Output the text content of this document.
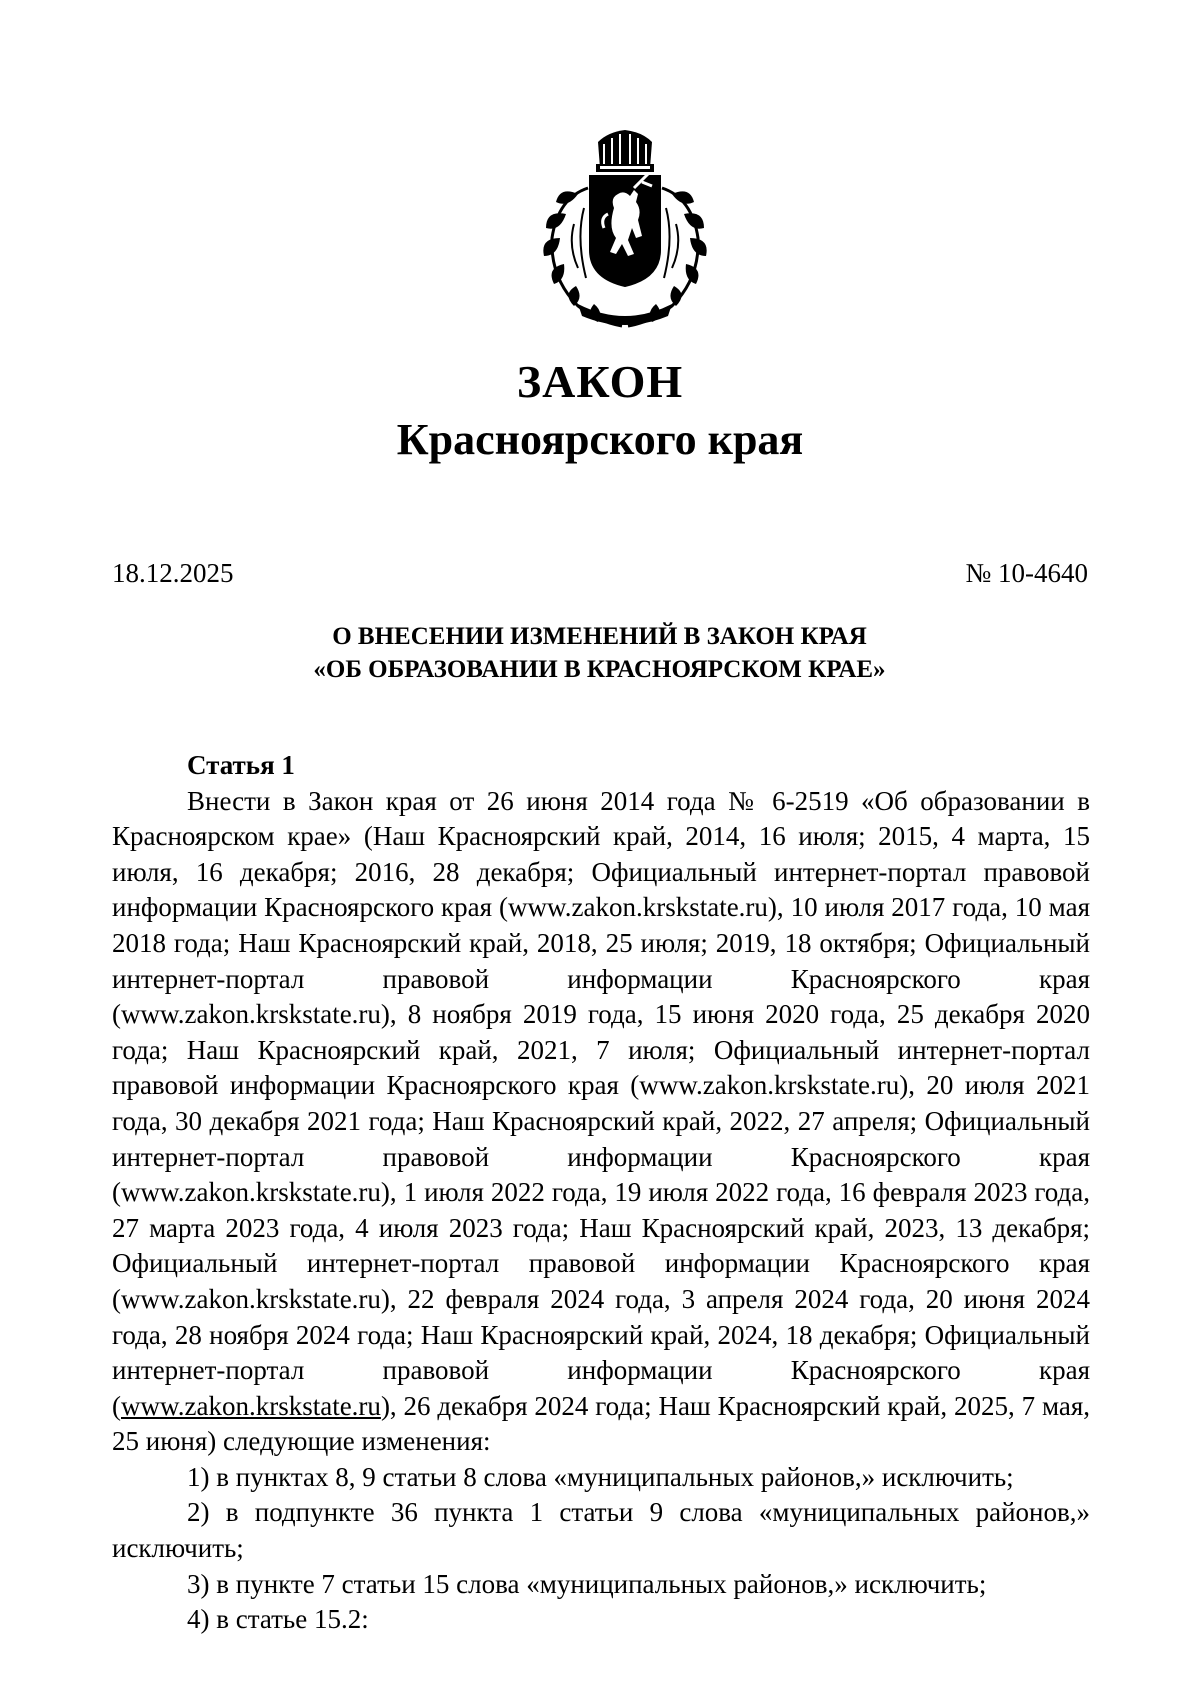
ЗАКОН
Красноярского края
18.12.2025	№ 10-4640
О ВНЕСЕНИИ ИЗМЕНЕНИЙ В ЗАКОН КРАЯ
«ОБ ОБРАЗОВАНИИ В КРАСНОЯРСКОМ КРАЕ»

Статья 1

Внести в Закон края от 26 июня 2014 года № 6-2519 «Об образовании в Красноярском крае» (Наш Красноярский край, 2014, 16 июля; 2015, 4 марта, 15 июля, 16 декабря; 2016, 28 декабря; Официальный интернет-портал правовой информации Красноярского края (www.zakon.krskstate.ru), 10 июля 2017 года, 10 мая 2018 года; Наш Красноярский край, 2018, 25 июля; 2019, 18 октября; Официальный интернет-портал правовой информации Красноярского края (www.zakon.krskstate.ru), 8 ноября 2019 года, 15 июня 2020 года, 25 декабря 2020 года; Наш Красноярский край, 2021, 7 июля; Официальный интернет-портал правовой информации Красноярского края (www.zakon.krskstate.ru), 20 июля 2021 года, 30 декабря 2021 года; Наш Красноярский край, 2022, 27 апреля; Официальный интернет-портал правовой информации Красноярского края (www.zakon.krskstate.ru), 1 июля 2022 года, 19 июля 2022 года, 16 февраля 2023 года, 27 марта 2023 года, 4 июля 2023 года; Наш Красноярский край, 2023, 13 декабря; Официальный интернет-портал правовой информации Красноярского края (www.zakon.krskstate.ru), 22 февраля 2024 года, 3 апреля 2024 года, 20 июня 2024 года, 28 ноября 2024 года; Наш Красноярский край, 2024, 18 декабря; Официальный интернет-портал правовой информации Красноярского края (www.zakon.krskstate.ru), 26 декабря 2024 года; Наш Красноярский край, 2025, 7 мая, 25 июня) следующие изменения:

1) в пунктах 8, 9 статьи 8 слова «муниципальных районов,» исключить;

2) в подпункте 36 пункта 1 статьи 9 слова «муниципальных районов,» исключить;

3) в пункте 7 статьи 15 слова «муниципальных районов,» исключить;

4) в статье 15.2:
